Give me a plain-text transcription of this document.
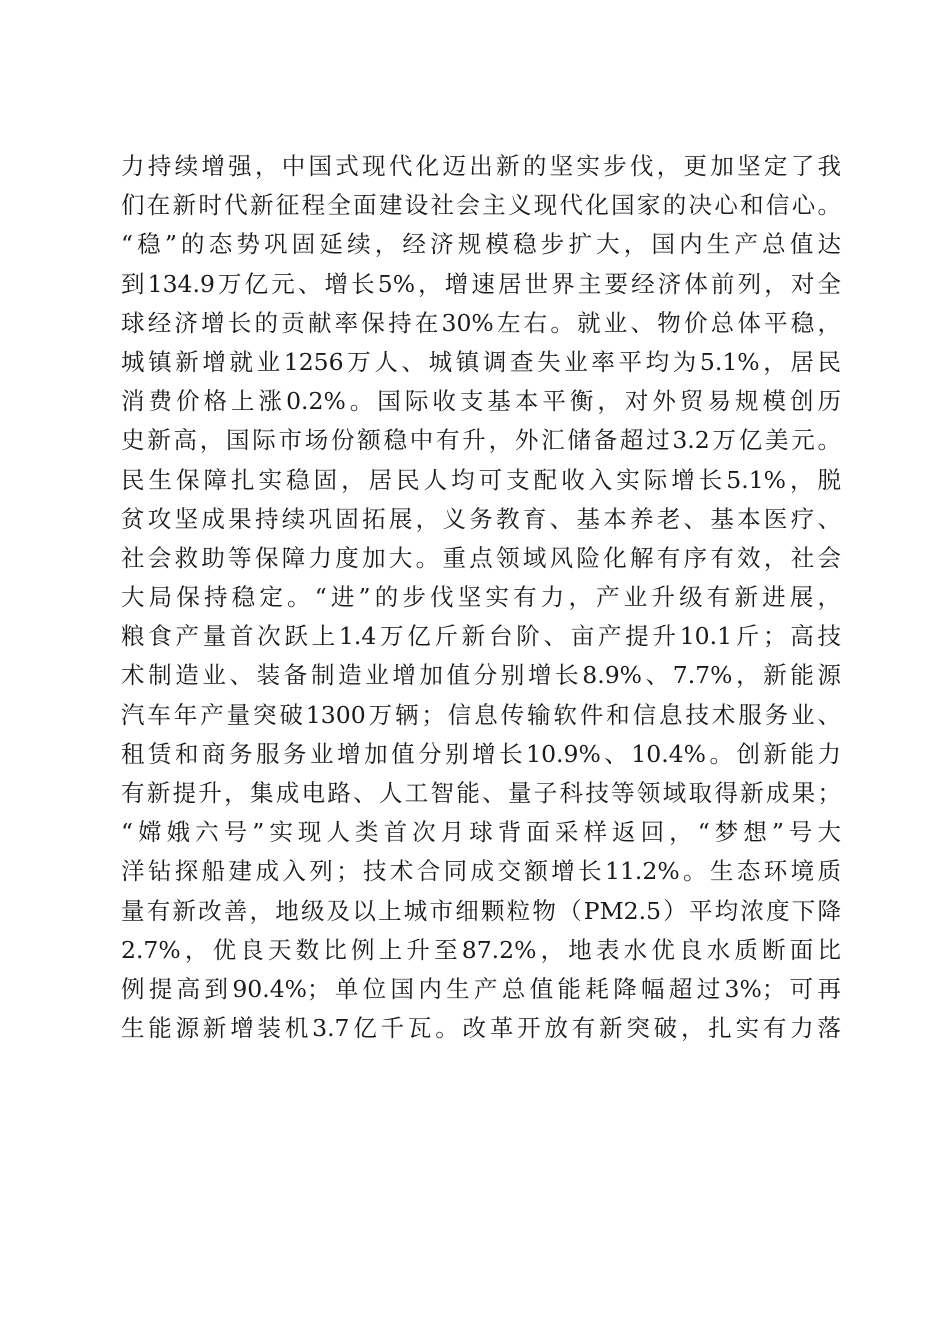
力持续增强，中国式现代化迈出新的坚实步伐，更加坚定了我
们在新时代新征程全面建设社会主义现代化国家的决心和信心。
“稳”的态势巩固延续，经济规模稳步扩大，国内生产总值达
到134.9万亿元、增长5%，增速居世界主要经济体前列，对全
球经济增长的贡献率保持在30%左右。就业、物价总体平稳，
城镇新增就业1256万人、城镇调查失业率平均为5.1%，居民
消费价格上涨0.2%。国际收支基本平衡，对外贸易规模创历
史新高，国际市场份额稳中有升，外汇储备超过3.2万亿美元。
民生保障扎实稳固，居民人均可支配收入实际增长5.1%，脱
贫攻坚成果持续巩固拓展，义务教育、基本养老、基本医疗、
社会救助等保障力度加大。重点领域风险化解有序有效，社会
大局保持稳定。“进”的步伐坚实有力，产业升级有新进展，
粮食产量首次跃上1.4万亿斤新台阶、亩产提升10.1斤；高技
术制造业、装备制造业增加值分别增长8.9%、7.7%，新能源
汽车年产量突破1300万辆；信息传输软件和信息技术服务业、
租赁和商务服务业增加值分别增长10.9%、10.4%。创新能力
有新提升，集成电路、人工智能、量子科技等领域取得新成果；
“嫦娥六号”实现人类首次月球背面采样返回，“梦想”号大
洋钻探船建成入列；技术合同成交额增长11.2%。生态环境质
量有新改善，地级及以上城市细颗粒物（PM2.5）平均浓度下降
2.7%，优良天数比例上升至87.2%，地表水优良水质断面比
例提高到90.4%；单位国内生产总值能耗降幅超过3%；可再
生能源新增装机3.7亿千瓦。改革开放有新突破，扎实有力落
